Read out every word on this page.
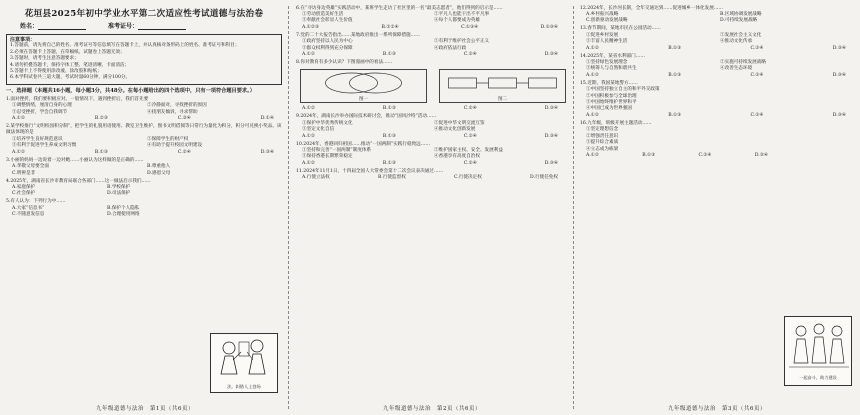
花垣县2025年初中学业水平第二次适应性考试道德与法治卷
姓名：	准考证号：

注意事项：

1.答题前，请先将自己的姓名、准考证号等信息填写在答题卡上，并认真核对条形码上的姓名、准考证号和科目；

2.必须在答题卡上答题，在草稿纸、试题卷上答题无效；

3.答题时，请考生注意答题要求；

4.请勿折叠答题卡，保持字体工整、笔迹清晰、卡面清洁；

5.答题卡上不得使用涂改液、涂改胶和贴纸；

6.本学科试卷共三道大题，考试时量60分钟，满分100分。

一、选择题（本题共16小题，每小题3分，共48分。在每小题给出的四个选项中，只有一项符合题目要求。）

1.面对挫折，我们要积极应对。一般情况下，遇到挫折后，我们首先要

①调整情绪，厘清自身的心理	②冷静面对，寻找挫折的原因
③忍受挫折，学会自我调节	④找朋友倾诉，寻求帮助
A.①②	B.②③	C.③④	D.①④

2.某学校推行“文明校园积分制”，把学生的礼貌用语使用、教室卫生维护、图书文明借阅等日常行为量化为积分，积分可兑换小奖品。该做法体现的是

①培养学生良好规范意识	②保障学生的财产权
③有利于促进学生养成文明习惯	④有助于提升校园文明建设
A.①②	B.①③	C.②④	D.③④

3.小丽的妈妈一边说着一边对她……小丽认为这样做的是正确的……

A.孝敬父母要全面	B.尊重他人
C.明辨是非	D.感恩父母

4.2025年，湖南省长沙市教育局联合各部门……这一做法启示我们……

A.家庭保护	B.学校保护
C.社会保护	D.司法保护

5.有人认为：下列行为中……

A.大家“信息书”	B.保护个人隐私
C.不随意发信息	D.合理使用网络
法，纠错人上登场
九年级道德与法治　第1页（共6页）

6.在“寻访身边英雄”实践活动中，某班学生走访了社区里的一名“最美志愿者”，他们得到的启示是……

①劳动创造美好生活	②平凡人也能干出不平凡事
③奉献社会彰显人生价值	④每个人都要成为英雄
A.①②③	B.①②④	C.①③④	D.②③④

7.党的二十大报告指出……某地政府推出一系列保障措施……

①政府坚持以人民为中心	②有利于维护社会公平正义
③群众权利得到充分保障	④政府依法行政
A.①②	B.①③	C.②④	D.③④

8.你对教育有多少认识？下图漫画中的看法……

图一	图二
A.①②	B.①③	C.②④	D.③④

9.2024年，湖南长沙举办国际技术研讨会，推动“国风沙特”活动……

①保护中华优秀传统文化	②促进中华文明交流互鉴
③坚定文化自信	④推动文化创新发展
A.①②	B.①③	C.②④	D.③④

10.2024年，香港回归祖国……推动“一国两制”实践行稳致远……

①坚持和完善“一国两制”制度体系	②维护国家主权、安全、发展利益
③保持香港长期繁荣稳定	④香港享有高度自治权
A.①②	B.①③	C.②④	D.③④

11.2024年11月1日，十四届全国人大常委会第十二次会议表决通过……

A.行使立法权	B.行使监督权	C.行使决定权	D.行使任免权
九年级道德与法治　第2页（共6页）

12.2024年，长沙河长制，全年交通达到……促进城乡一体化发展……

A.乡村振兴战略	B.区域协调发展战略
C.创新驱动发展战略	D.可持续发展战略

13.春节期间，某地市民在公园活动……

①促进乡村发展	②发展社会主义文化
③丰富人民精神生活	④推动文化传承
A.①②	B.①③	C.②④	D.③④

14.2025年，某省水利部门……

①坚持绿色发展理念	②实施可持续发展战略
③统筹人与自然和谐共生	④改善生态环境
A.①②	B.①③	C.②④	D.③④

15.近期，我国某地警方……

①中国坚持独立自主的和平外交政策

②中国积极参与全球治理

③中国始终维护世界和平

④中国已成为世界强国

A.①②	B.①③	C.②④	D.③④

16.九年级，班级开展主题活动……

①坚定理想信念

②增强责任意识

③提升综合素质

④立志成为栋梁

A.①②	B.①③	C.②④	D.③④
一起奋斗，助力建设
九年级道德与法治　第3页（共6页）
